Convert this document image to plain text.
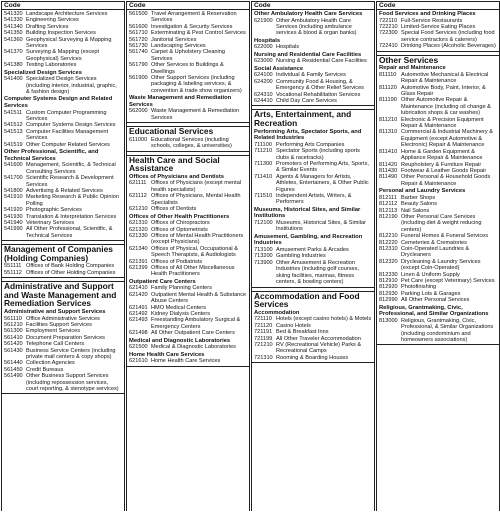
Code
541320 Landscape Architecture Services
541330 Engineering Services
541340 Drafting Services
541350 Building Inspection Services
541360 Geophysical Surveying & Mapping Services
541370 Surveying & Mapping (except Geophysical) Services
541380 Testing Laboratories
Specialized Design Services
541400 Specialized Design Services (including interior, industrial, graphic, & fashion design)
Computer Systems Design and Related Services
541511 Custom Computer Programming Services
541512 Computer Systems Design Services
541513 Computer Facilities Management Services
541519 Other Computer Related Services
Other Professional, Scientific, and Technical Services
541600 Management, Scientific, & Technical Consulting Services
541700 Scientific Research & Development Services
541800 Advertising & Related Services
541910 Marketing Research & Public Opinion Polling
541920 Photographic Services
541930 Translation & Interpretation Services
541940 Veterinary Services
541990 All Other Professional, Scientific, & Technical Services
Management of Companies (Holding Companies)
551111 Offices of Bank Holding Companies
551112 Offices of Other Holding Companies
Administrative and Support and Waste Management and Remediation Services
Administrative and Support Services
561110 Office Administrative Services
561210 Facilities Support Services
561300 Employment Services
561410 Document Preparation Services
561420 Telephone Call Centers
561430 Business Service Centers (including private mail centers & copy shops)
561440 Collection Agencies
561450 Credit Bureaus
561490 Other Business Support Services (including repossession services, court reporting, & stenotype services)
Code
561500 Travel Arrangement & Reservation Services
561600 Investigation & Security Services
561710 Exterminating & Pest Control Services
561720 Janitorial Services
561730 Landscaping Services
561740 Carpet & Upholstery Cleaning Services
561790 Other Services to Buildings & Dwellings
561900 Other Support Services (including packaging & labeling services, & convention & trade show organizers)
Waste Management and Remediation Services
562000 Waste Management & Remediation Services
Educational Services
611000 Educational Services (including schools, colleges, & universities)
Health Care and Social Assistance
Offices of Physicians and Dentists
621111 Offices of Physicians (except mental health specialists)
621112 Offices of Physicians, Mental Health Specialists
621210 Offices of Dentists
Offices of Other Health Practitioners
621310 Offices of Chiropractors
621320 Offices of Optometrists
621330 Offices of Mental Health Practitioners (except Physicians)
621340 Offices of Physical, Occupational & Speech Therapists, & Audiologists
621391 Offices of Podiatrists
621399 Offices of All Other Miscellaneous Health Practitioners
Outpatient Care Centers
621410 Family Planning Centers
621420 Outpatient Mental Health & Substance Abuse Centers
621491 HMO Medical Centers
621492 Kidney Dialysis Centers
621493 Freestanding Ambulatory Surgical & Emergency Centers
621498 All Other Outpatient Care Centers
Medical and Diagnostic Laboratories
621500 Medical & Diagnostic Laboratories
Home Health Care Services
621610 Home Health Care Services
Code
Other Ambulatory Health Care Services
621900 Other Ambulatory Health Care Services (including ambulance services & blood & organ banks)
Hospitals
622000 Hospitals
Nursing and Residential Care Facilities
623000 Nursing & Residential Care Facilities
Social Assistance
624100 Individual & Family Services
624200 Community Food & Housing, & Emergency & Other Relief Services
624310 Vocational Rehabilitation Services
624410 Child Day Care Services
Arts, Entertainment, and Recreation
Performing Arts, Spectator Sports, and Related Industries
711100 Performing Arts Companies
711210 Spectator Sports (including sports clubs & racetracks)
711300 Promoters of Performing Arts, Sports, & Similar Events
711410 Agents & Managers for Artists, Athletes, Entertainers, & Other Public Figures
711510 Independent Artists, Writers, & Performers
Museums, Historical Sites, and Similar Institutions
712100 Museums, Historical Sites, & Similar Institutions
Amusement, Gambling, and Recreation Industries
713100 Amusement Parks & Arcades
713200 Gambling Industries
713900 Other Amusement & Recreation Industries (including golf courses, skiing facilities, marinas, fitness centers, & bowling centers)
Accommodation and Food Services
Accommodation
721110 Hotels (except casino hotels) & Motels
721120 Casino Hotels
721191 Bed & Breakfast Inns
721199 All Other Traveler Accommodation
721210 RV (Recreational Vehicle) Parks & Recreational Camps
721310 Rooming & Boarding Houses
Code
Food Services and Drinking Places
722110 Full-Service Restaurants
722210 Limited-Service Eating Places
722300 Special Food Services (including food service contractors & caterers)
722410 Drinking Places (Alcoholic Beverages)
Other Services
Repair and Maintenance
811110 Automotive Mechanical & Electrical Repair & Maintenance
811120 Automotive Body, Paint, Interior, & Glass Repair
811190 Other Automotive Repair & Maintenance (including oil change & lubrication shops & car washes)
811210 Electronic & Precision Equipment Repair & Maintenance
811310 Commercial & Industrial Machinery & Equipment (except Automotive & Electronic) Repair & Maintenance
811410 Home & Garden Equipment & Appliance Repair & Maintenance
811420 Reupholstery & Furniture Repair
811430 Footwear & Leather Goods Repair
811490 Other Personal & Household Goods Repair & Maintenance
Personal and Laundry Services
812111 Barber Shops
812112 Beauty Salons
812113 Nail Salons
812190 Other Personal Care Services (including diet & weight reducing centers)
812210 Funeral Homes & Funeral Services
812220 Cemeteries & Crematories
812310 Coin-Operated Laundries & Drycleaners
812320 Drycleaning & Laundry Services (except Coin-Operated)
812330 Linen & Uniform Supply
812910 Pet Care (except Veterinary) Services
812920 Photofinishing
812930 Parking Lots & Garages
812990 All Other Personal Services
Religious, Grantmaking, Civic, Professional, and Similar Organizations
813000 Religious, Grantmaking, Civic, Professional, & Similar Organizations (including condominium and homeowners associations)
